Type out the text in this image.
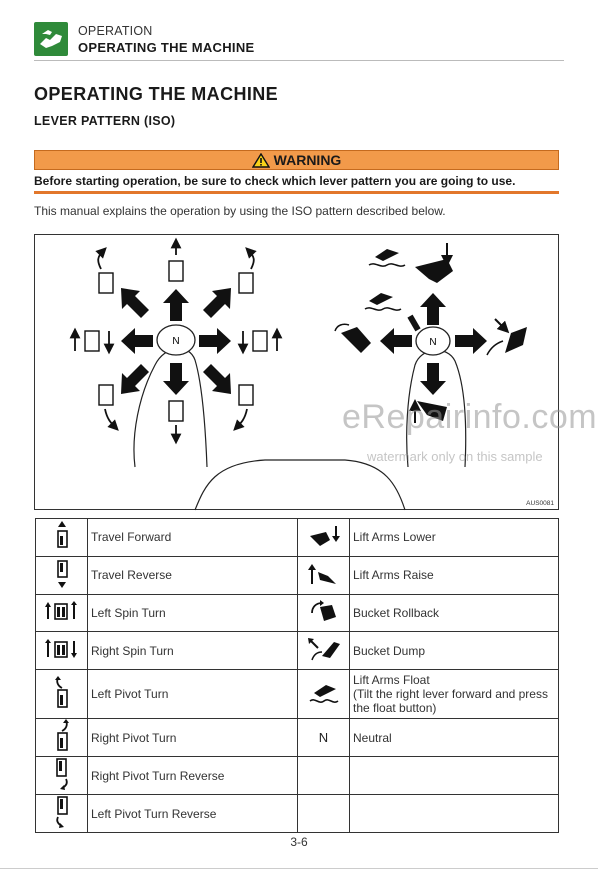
OPERATION
OPERATING THE MACHINE
OPERATING THE MACHINE
LEVER PATTERN (ISO)
WARNING
Before starting operation, be sure to check which lever pattern you are going to use.
This manual explains the operation by using the ISO pattern described below.
N	N
AUS0081
eRepairinfo.com
watermark only on this sample
	Travel Forward		Lift Arms Lower
	Travel Reverse		Lift Arms Raise
	Left Spin Turn		Bucket Rollback
	Right Spin Turn		Bucket Dump
	Left Pivot Turn		Lift Arms Float
(Tilt the right lever forward and press the float button)

	Right Pivot Turn	N	Neutral
	Right Pivot Turn Reverse		
	Left Pivot Turn Reverse		
3-6
